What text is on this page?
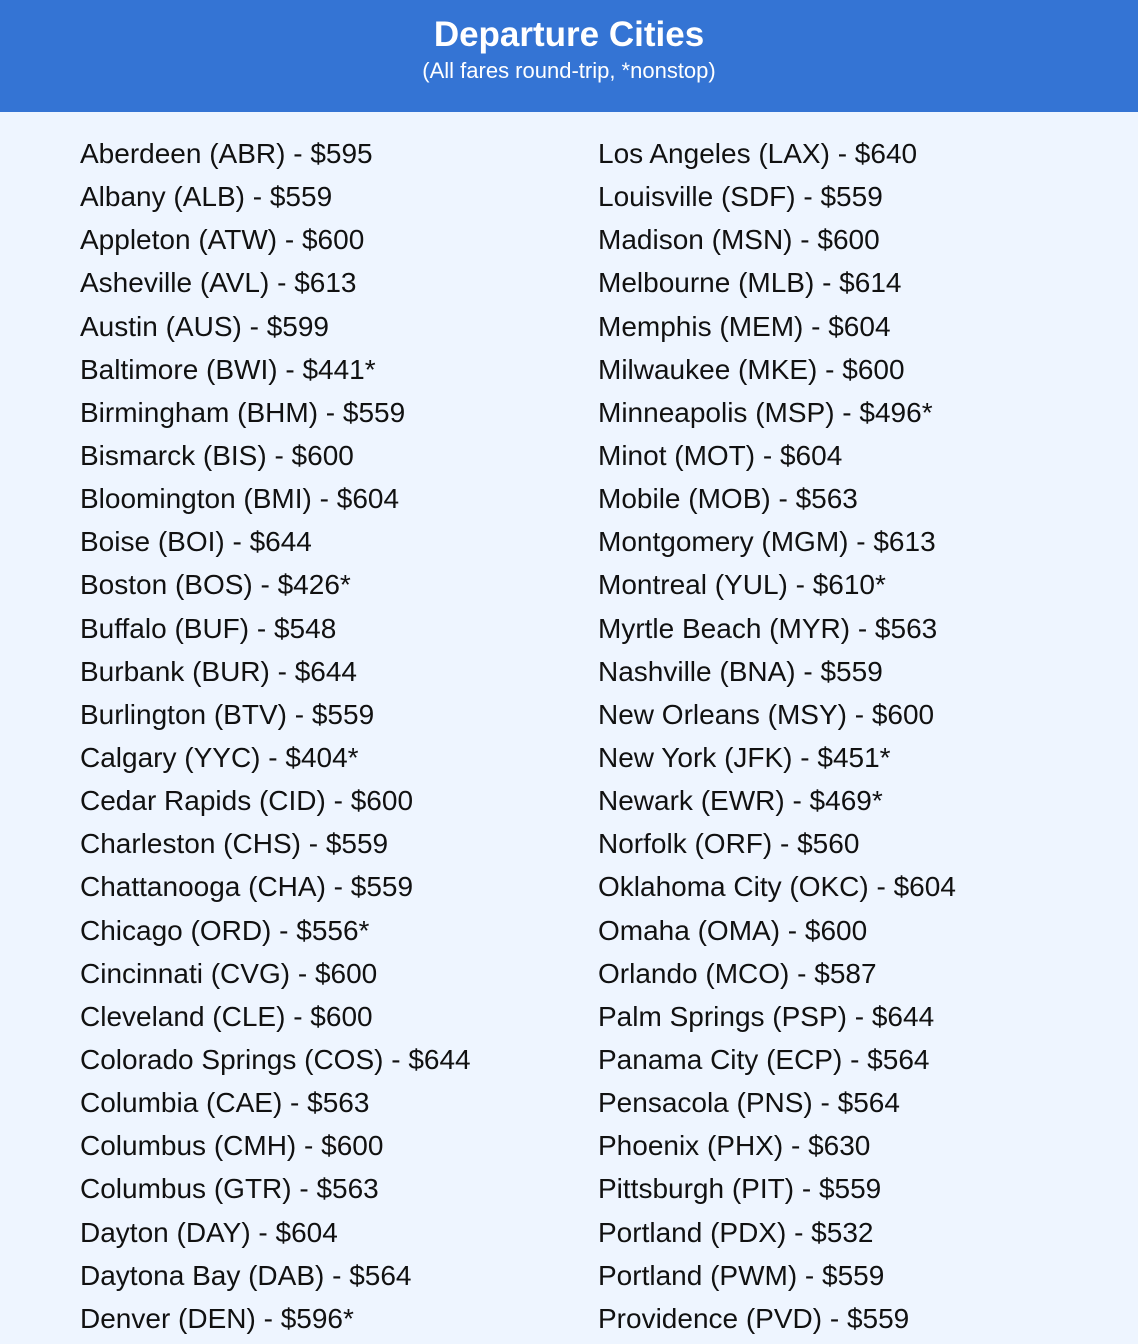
Departure Cities
(All fares round-trip, *nonstop)
Aberdeen (ABR) - $595
Albany (ALB) - $559
Appleton (ATW) - $600
Asheville (AVL) - $613
Austin (AUS) - $599
Baltimore (BWI) - $441*
Birmingham (BHM) - $559
Bismarck (BIS) - $600
Bloomington (BMI) - $604
Boise (BOI) - $644
Boston (BOS) - $426*
Buffalo (BUF) - $548
Burbank (BUR) - $644
Burlington (BTV) - $559
Calgary (YYC) - $404*
Cedar Rapids (CID) - $600
Charleston (CHS) - $559
Chattanooga (CHA) - $559
Chicago (ORD) - $556*
Cincinnati (CVG) - $600
Cleveland (CLE) - $600
Colorado Springs (COS) - $644
Columbia (CAE) - $563
Columbus (CMH) - $600
Columbus (GTR) - $563
Dayton (DAY) - $604
Daytona Bay (DAB) - $564
Denver (DEN) - $596*
Los Angeles (LAX) - $640
Louisville (SDF) - $559
Madison (MSN) - $600
Melbourne (MLB) - $614
Memphis (MEM) - $604
Milwaukee (MKE) - $600
Minneapolis (MSP) - $496*
Minot (MOT) - $604
Mobile (MOB) - $563
Montgomery (MGM) - $613
Montreal (YUL) - $610*
Myrtle Beach (MYR) - $563
Nashville (BNA) - $559
New Orleans (MSY) - $600
New York (JFK) - $451*
Newark (EWR) - $469*
Norfolk (ORF) - $560
Oklahoma City (OKC) - $604
Omaha (OMA) - $600
Orlando (MCO) - $587
Palm Springs (PSP) - $644
Panama City (ECP) - $564
Pensacola (PNS) - $564
Phoenix (PHX) - $630
Pittsburgh (PIT) - $559
Portland (PDX) - $532
Portland (PWM) - $559
Providence (PVD) - $559
